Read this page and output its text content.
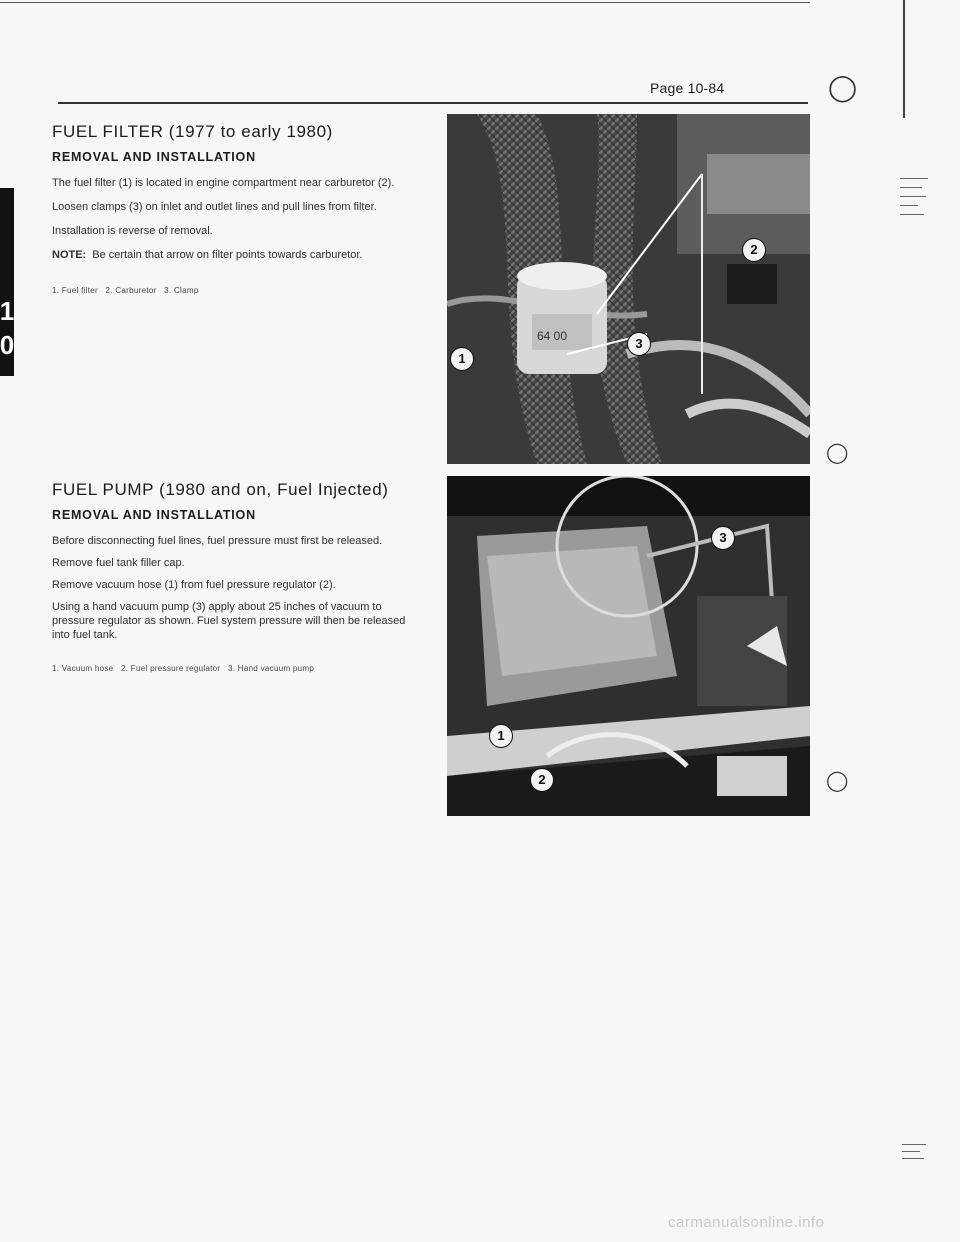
Page 10-84	◯
◯
◯
1
0
FUEL FILTER (1977 to early 1980)
REMOVAL AND INSTALLATION

The fuel filter (1) is located in engine compartment near carburetor (2).

Loosen clamps (3) on inlet and outlet lines and pull lines from filter.

Installation is reverse of removal.

NOTE: Be certain that arrow on filter points towards carburetor.
1. Fuel filter   2. Carburetor   3. Clamp
64 00
1
2
3
FUEL PUMP (1980 and on, Fuel Injected)
REMOVAL AND INSTALLATION

Before disconnecting fuel lines, fuel pressure must first be released.

Remove fuel tank filler cap.

Remove vacuum hose (1) from fuel pressure regulator (2).

Using a hand vacuum pump (3) apply about 25 inches of vacuum to pressure regulator as shown. Fuel system pressure will then be released into fuel tank.

1. Vacuum hose   2. Fuel pressure regulator   3. Hand vacuum pump
3
1
2
carmanualsonline.info
